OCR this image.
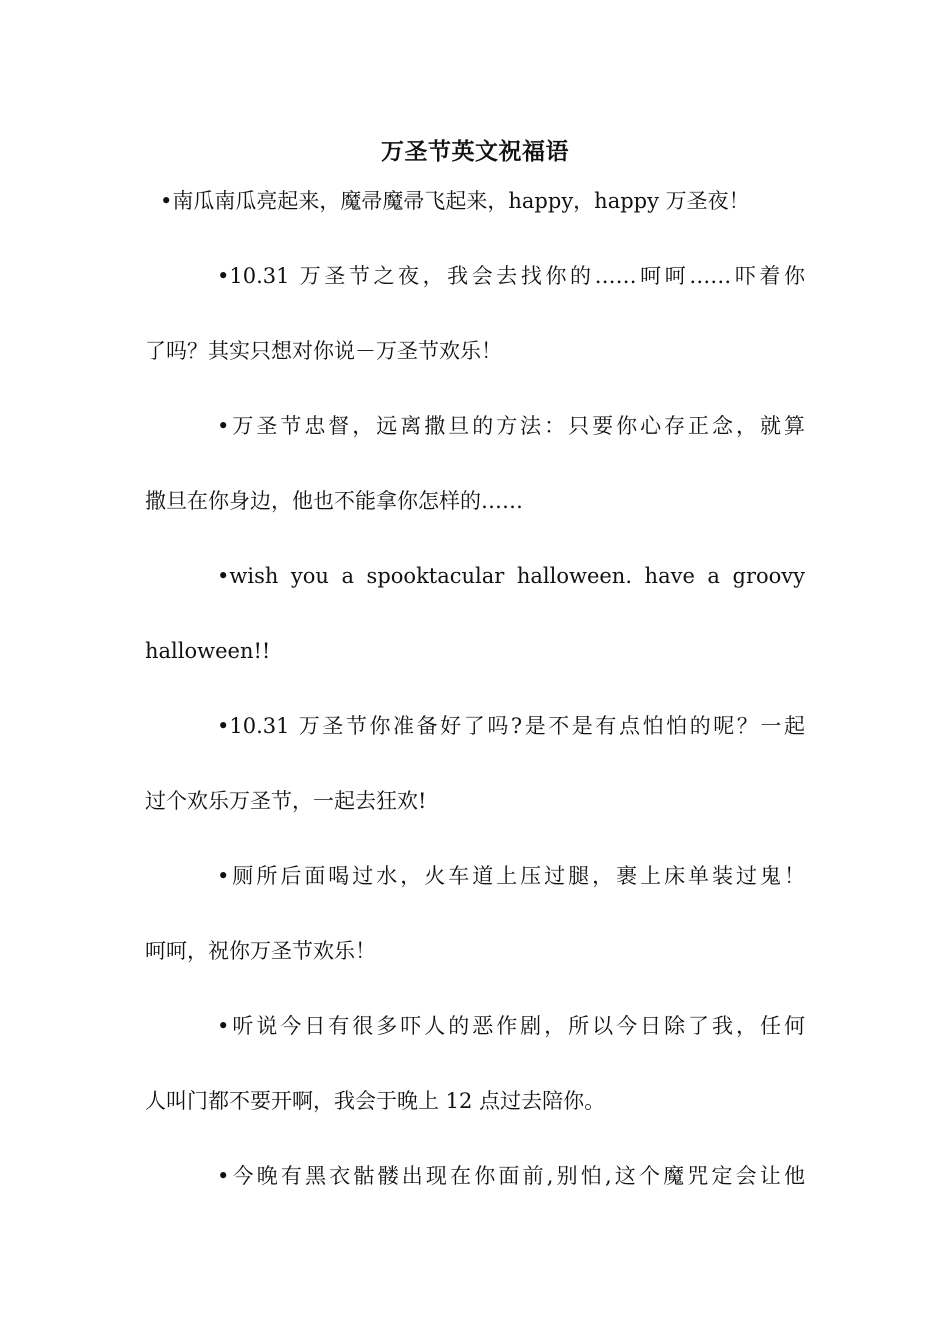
万圣节英文祝福语
•南瓜南瓜亮起来，魔帚魔帚飞起来，happy，happy 万圣夜！
•10.31 万圣节之夜，我会去找你的……呵呵……吓着你
了吗？其实只想对你说－万圣节欢乐！
•万圣节忠督，远离撒旦的方法：只要你心存正念，就算
撒旦在你身边，他也不能拿你怎样的……
•wish you a spooktacular halloween. have a groovy
halloween!!
•10.31 万圣节你准备好了吗?是不是有点怕怕的呢？一起
过个欢乐万圣节，一起去狂欢!
•厕所后面喝过水，火车道上压过腿，裹上床单装过鬼！
呵呵，祝你万圣节欢乐！
•听说今日有很多吓人的恶作剧，所以今日除了我，任何
人叫门都不要开啊，我会于晚上 12 点过去陪你。
•今晚有黑衣骷髅出现在你面前,别怕,这个魔咒定会让他
